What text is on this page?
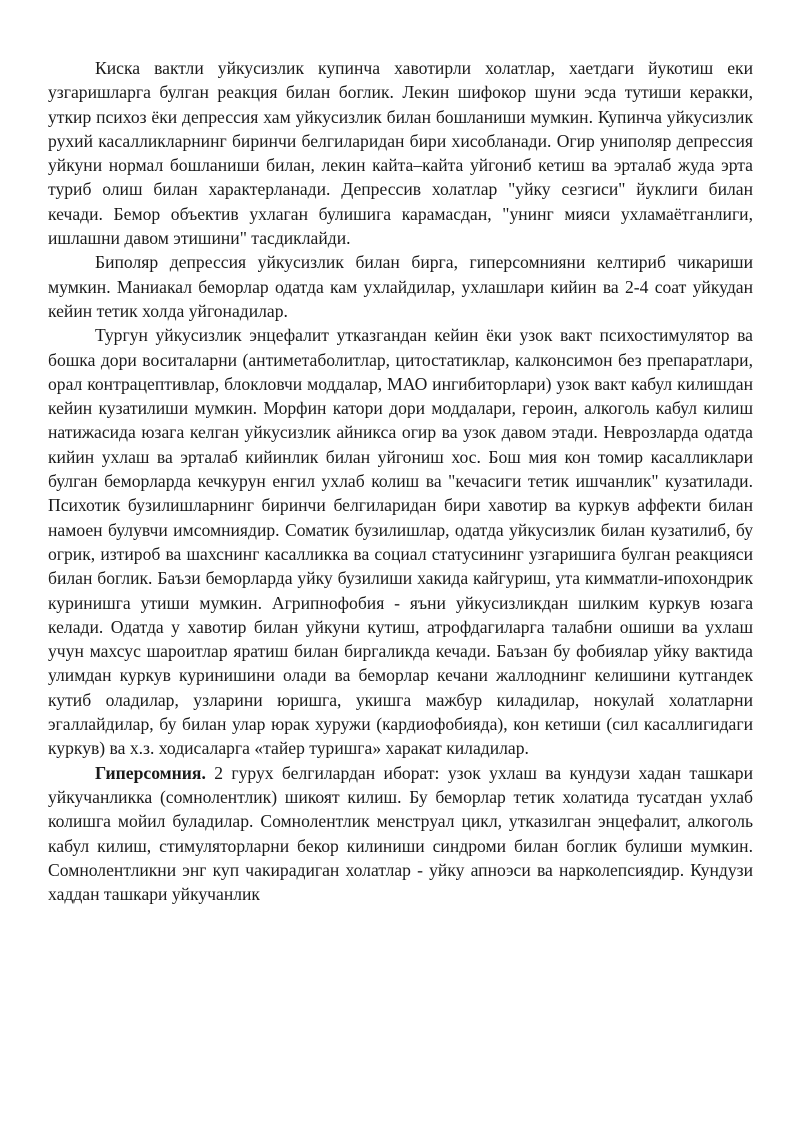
Киска вактли уйкусизлик купинча хавотирли холатлар, хаетдаги йукотиш еки узгаришларга булган реакция билан боглик. Лекин шифокор шуни эсда тутиши керакки, уткир психоз ёки депрессия хам уйкусизлик билан бошланиши мумкин. Купинча уйкусизлик рухий касалликларнинг биринчи белгиларидан бири хисобланади. Огир униполяр депрессия уйкуни нормал бошланиши билан, лекин кайта–кайта уйгониб кетиш ва эрталаб жуда эрта туриб олиш билан характерланади. Депрессив холатлар "уйку сезгиси" йуклиги билан кечади. Бемор объектив ухлаган булишига карамасдан, "унинг мияси ухламаётганлиги, ишлашни давом этишини" тасдиклайди.

Биполяр депрессия уйкусизлик билан бирга, гиперсомнияни келтириб чикариши мумкин. Маниакал беморлар одатда кам ухлайдилар, ухлашлари кийин ва 2-4 соат уйкудан кейин тетик холда уйгонадилар.

Тургун уйкусизлик энцефалит утказгандан кейин ёки узок вакт психостимулятор ва бошка дори воситаларни (антиметаболитлар, цитостатиклар, калконсимон без препаратлари, орал контрацептивлар, блокловчи моддалар, МАО ингибиторлари) узок вакт кабул килишдан кейин кузатилиши мумкин. Морфин катори дори моддалари, героин, алкоголь кабул килиш натижасида юзага келган уйкусизлик айникса огир ва узок давом этади. Неврозларда одатда кийин ухлаш ва эрталаб кийинлик билан уйгониш хос. Бош мия кон томир касалликлари булган беморларда кечкурун енгил ухлаб колиш ва "кечасиги тетик ишчанлик" кузатилади. Психотик бузилишларнинг биринчи белгиларидан бири хавотир ва куркув аффекти билан намоен булувчи имсомниядир. Соматик бузилишлар, одатда уйкусизлик билан кузатилиб, бу огрик, изтироб ва шахснинг касалликка ва социал статусининг узгаришига булган реакцияси билан боглик. Баъзи беморларда уйку бузилиши хакида кайгуриш, ута кимматли-ипохондрик куринишга утиши мумкин. Агрипнофобия - яъни уйкусизликдан шилким куркув юзага келади. Одатда у хавотир билан уйкуни кутиш, атрофдагиларга талабни ошиши ва ухлаш учун махсус шароитлар яратиш билан биргаликда кечади. Баъзан бу фобиялар уйку вактида улимдан куркув куринишини олади ва беморлар кечани жаллоднинг келишини кутгандек кутиб оладилар, узларини юришга, укишга мажбур киладилар, нокулай холатларни эгаллайдилар, бу билан улар юрак хуружи (кардиофобияда), кон кетиши (сил касаллигидаги куркув) ва х.з. ходисаларга «тайер туришга» харакат киладилар.

Гиперсомния. 2 гурух белгилардан иборат: узок ухлаш ва кундузи хадан ташкари уйкучанликка (сомнолентлик) шикоят килиш. Бу беморлар тетик холатида тусатдан ухлаб колишга мойил буладилар. Сомнолентлик менструал цикл, утказилган энцефалит, алкоголь кабул килиш, стимуляторларни бекор килиниши синдроми билан боглик булиши мумкин. Сомнолентликни энг куп чакирадиган холатлар - уйку апноэси ва нарколепсиядир. Кундузи хаддан ташкари уйкучанлик
